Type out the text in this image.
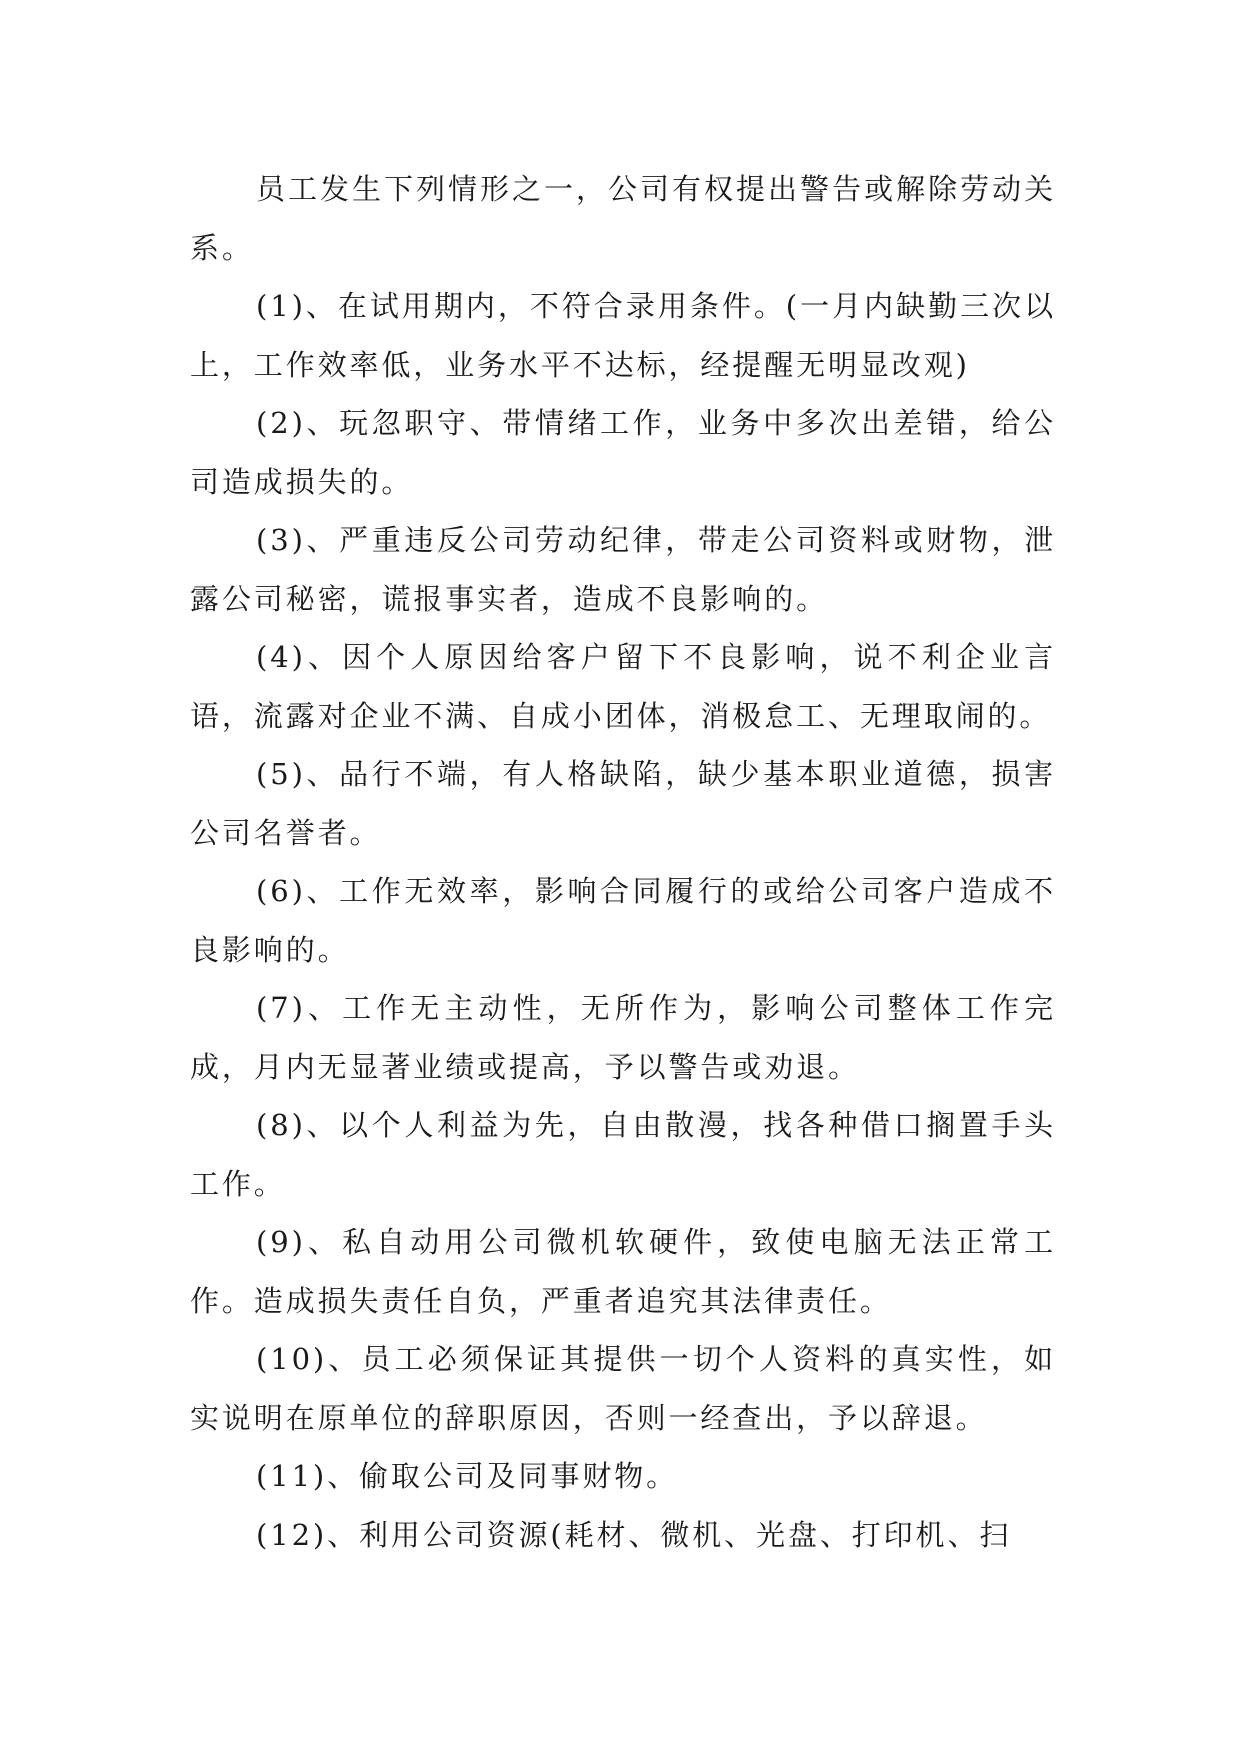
员工发生下列情形之一，公司有权提出警告或解除劳动关系。

(1)、在试用期内，不符合录用条件。(一月内缺勤三次以上，工作效率低，业务水平不达标，经提醒无明显改观)

(2)、玩忽职守、带情绪工作，业务中多次出差错，给公司造成损失的。

(3)、严重违反公司劳动纪律，带走公司资料或财物，泄露公司秘密，谎报事实者，造成不良影响的。

(4)、因个人原因给客户留下不良影响，说不利企业言语，流露对企业不满、自成小团体，消极怠工、无理取闹的。

(5)、品行不端，有人格缺陷，缺少基本职业道德，损害公司名誉者。

(6)、工作无效率，影响合同履行的或给公司客户造成不良影响的。

(7)、工作无主动性，无所作为，影响公司整体工作完成，月内无显著业绩或提高，予以警告或劝退。

(8)、以个人利益为先，自由散漫，找各种借口搁置手头工作。

(9)、私自动用公司微机软硬件，致使电脑无法正常工作。造成损失责任自负，严重者追究其法律责任。

(10)、员工必须保证其提供一切个人资料的真实性，如实说明在原单位的辞职原因，否则一经查出，予以辞退。

(11)、偷取公司及同事财物。

(12)、利用公司资源(耗材、微机、光盘、打印机、扫
